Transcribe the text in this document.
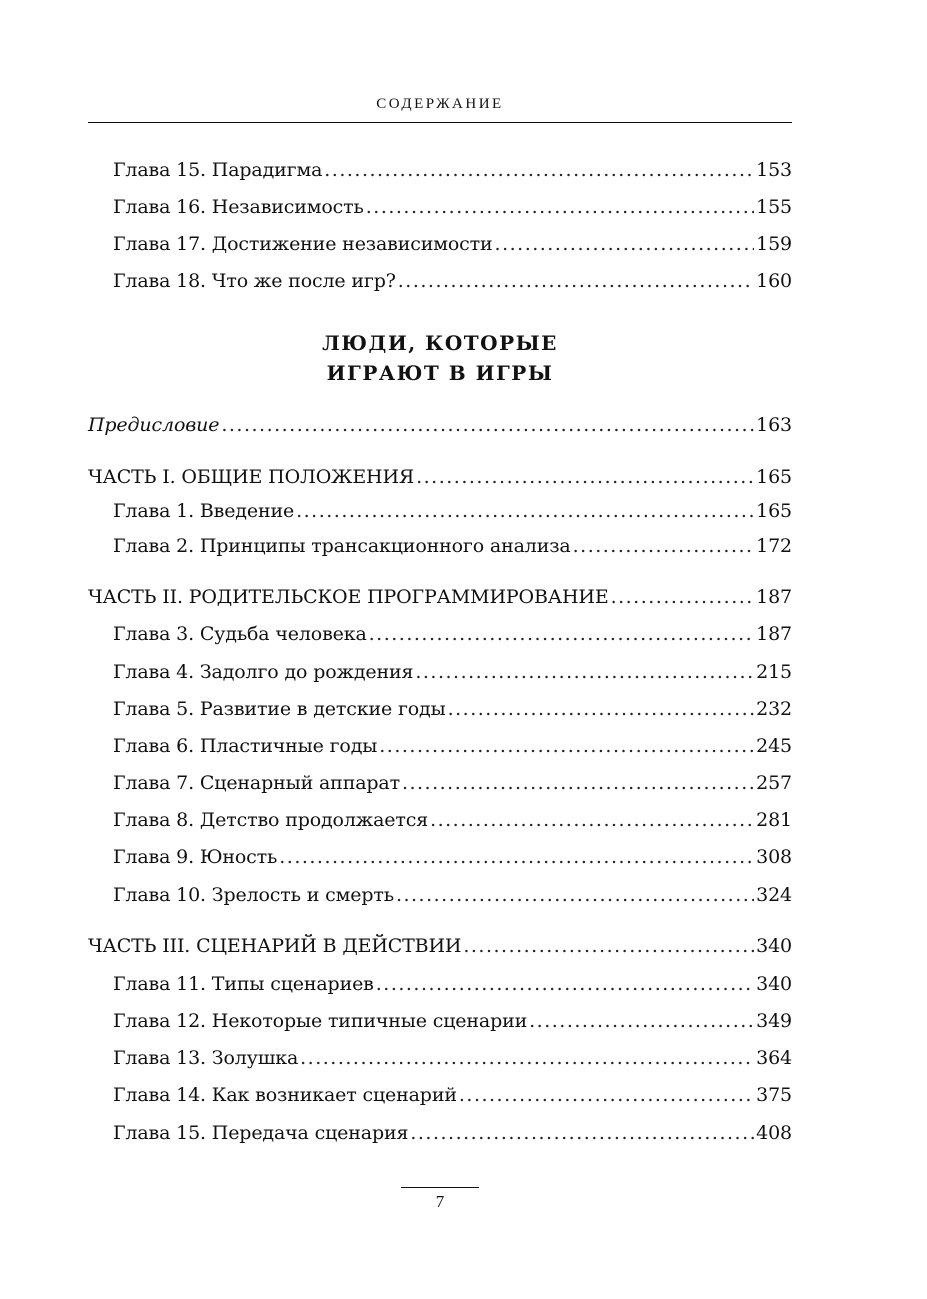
СОДЕРЖАНИЕ
Глава 15. Парадигма .....	153
Глава 16. Независимость .....	155
Глава 17. Достижение независимости .....	159
Глава 18. Что же после игр? .....	160
ЛЮДИ, КОТОРЫЕ
ИГРАЮТ В ИГРЫ
Предисловие .....	163
ЧАСТЬ I. ОБЩИЕ ПОЛОЖЕНИЯ .....	165
Глава 1. Введение .....	165
Глава 2. Принципы трансакционного анализа .....	172
ЧАСТЬ II. РОДИТЕЛЬСКОЕ ПРОГРАММИРОВАНИЕ .....	187
Глава 3. Судьба человека .....	187
Глава 4. Задолго до рождения .....	215
Глава 5. Развитие в детские годы .....	232
Глава 6. Пластичные годы .....	245
Глава 7. Сценарный аппарат .....	257
Глава 8. Детство продолжается .....	281
Глава 9. Юность .....	308
Глава 10. Зрелость и смерть .....	324
ЧАСТЬ III. СЦЕНАРИЙ В ДЕЙСТВИИ .....	340
Глава 11. Типы сценариев .....	340
Глава 12. Некоторые типичные сценарии .....	349
Глава 13. Золушка .....	364
Глава 14. Как возникает сценарий .....	375
Глава 15. Передача сценария .....	408
7
